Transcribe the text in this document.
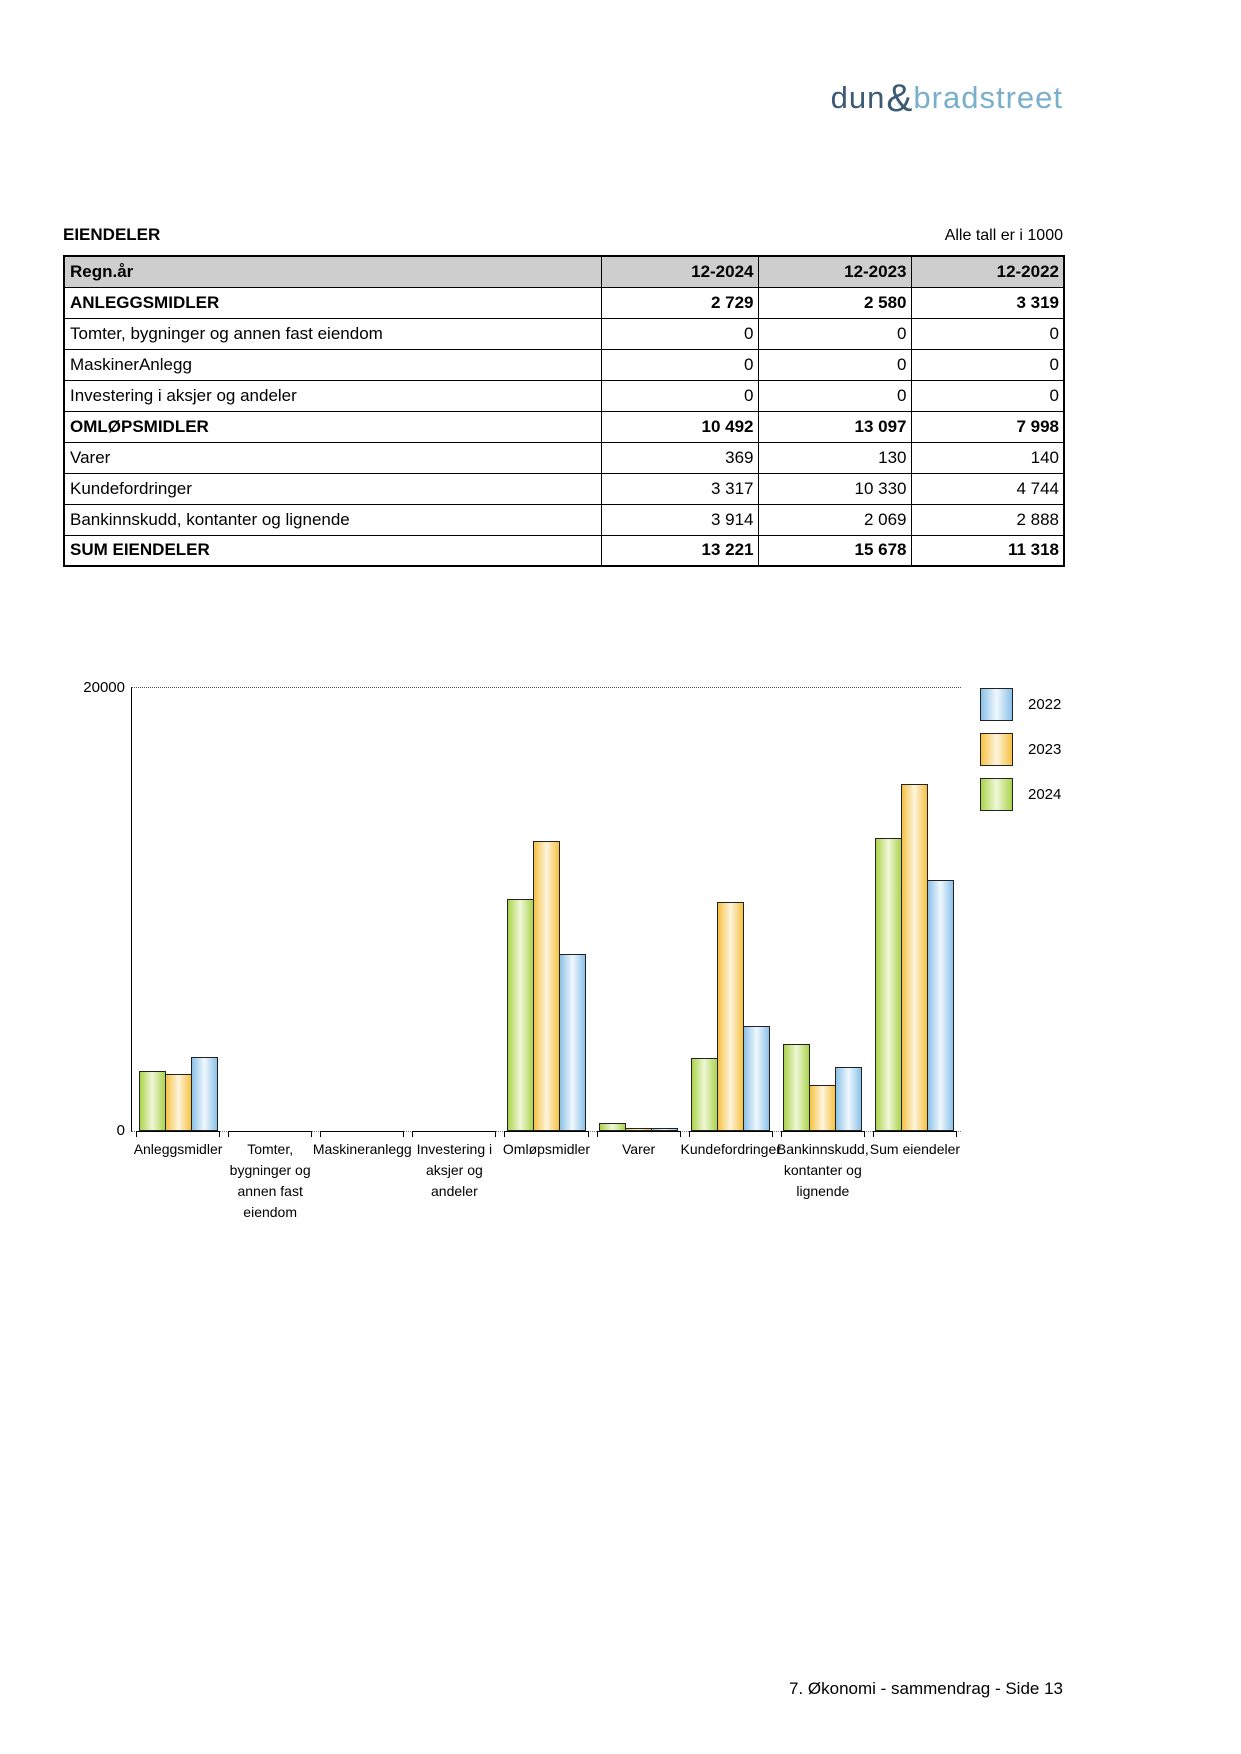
dun&bradstreet
EIENDELER	Alle tall er i 1000
Regn.år	12-2024	12-2023	12-2022
ANLEGGSMIDLER	2 729	2 580	3 319
Tomter, bygninger og annen fast eiendom	0	0	0
MaskinerAnlegg	0	0	0
Investering i aksjer og andeler	0	0	0
OMLØPSMIDLER	10 492	13 097	7 998
Varer	369	130	140
Kundefordringer	3 317	10 330	4 744
Bankinnskudd, kontanter og lignende	3 914	2 069	2 888
SUM EIENDELER	13 221	15 678	11 318
20000
0
Anleggsmidler	Tomter,
bygninger og
annen fast
eiendom
Maskineranlegg Investering i
aksjer og
andeler
Omløpsmidler Varer Kundefordringer
Bankinnskudd,
kontanter og
lignende
Sum eiendeler
2022
2023
2024
7. Økonomi - sammendrag - Side 13
